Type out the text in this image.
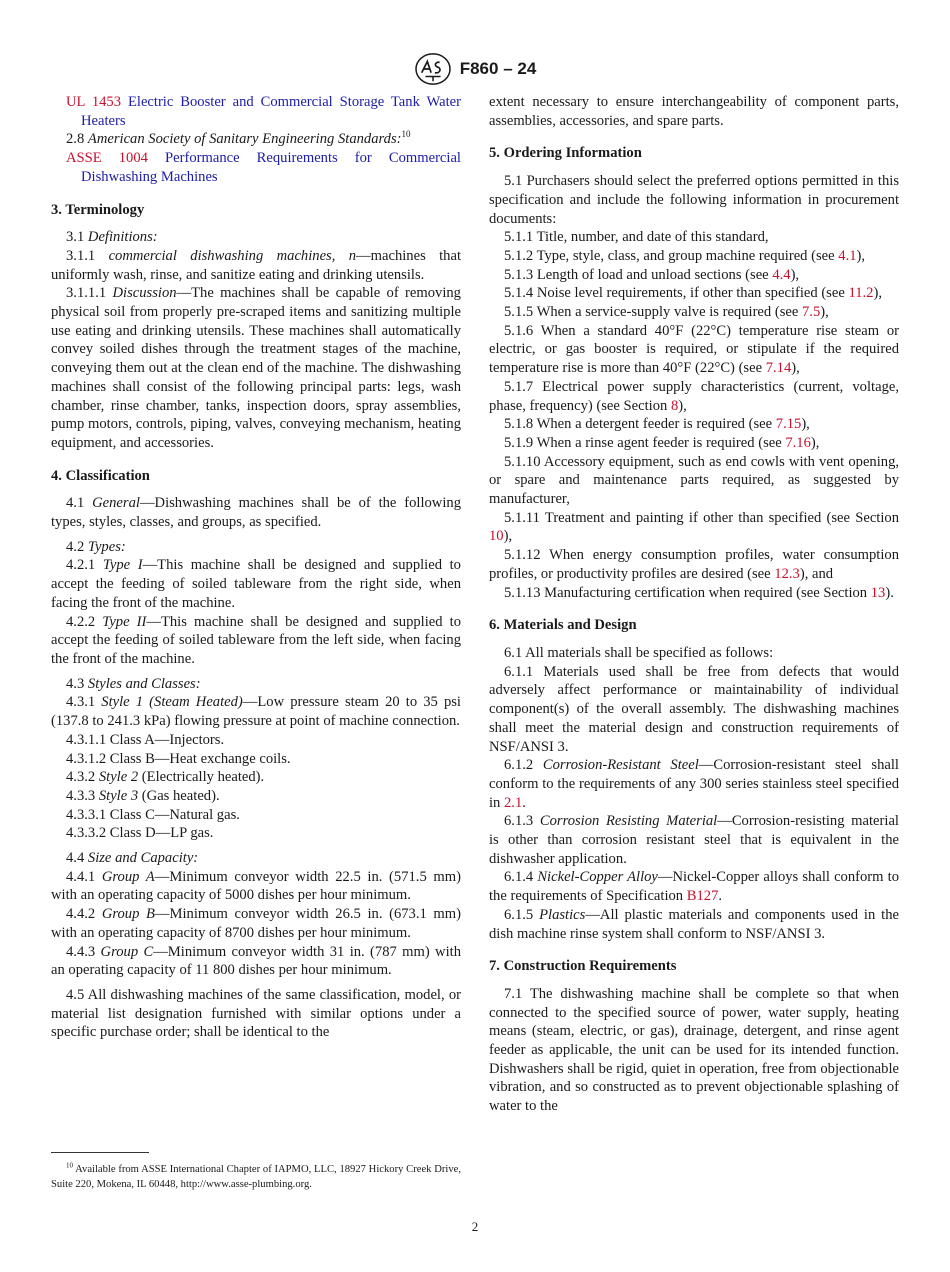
F860 – 24

UL 1453 Electric Booster and Commercial Storage Tank Water Heaters

2.8 American Society of Sanitary Engineering Standards:$^{10}$

ASSE 1004 Performance Requirements for Commercial Dishwashing Machines

3. Terminology

3.1 Definitions:

3.1.1 commercial dishwashing machines, n—machines that uniformly wash, rinse, and sanitize eating and drinking utensils.

3.1.1.1 Discussion—The machines shall be capable of removing physical soil from properly pre-scraped items and sanitizing multiple use eating and drinking utensils. These machines shall automatically convey soiled dishes through the treatment stages of the machine, conveying them out at the clean end of the machine. The dishwashing machines shall consist of the following principal parts: legs, wash chamber, rinse chamber, tanks, inspection doors, spray assemblies, pump motors, controls, piping, valves, conveying mechanism, heating equipment, and accessories.

4. Classification

4.1 General—Dishwashing machines shall be of the following types, styles, classes, and groups, as specified.

4.2 Types:

4.2.1 Type I—This machine shall be designed and supplied to accept the feeding of soiled tableware from the right side, when facing the front of the machine.

4.2.2 Type II—This machine shall be designed and supplied to accept the feeding of soiled tableware from the left side, when facing the front of the machine.

4.3 Styles and Classes:

4.3.1 Style 1 (Steam Heated)—Low pressure steam 20 to 35 psi (137.8 to 241.3 kPa) flowing pressure at point of machine connection.

4.3.1.1 Class A—Injectors.

4.3.1.2 Class B—Heat exchange coils.

4.3.2 Style 2 (Electrically heated).

4.3.3 Style 3 (Gas heated).

4.3.3.1 Class C—Natural gas.

4.3.3.2 Class D—LP gas.

4.4 Size and Capacity:

4.4.1 Group A—Minimum conveyor width 22.5 in. (571.5 mm) with an operating capacity of 5000 dishes per hour minimum.

4.4.2 Group B—Minimum conveyor width 26.5 in. (673.1 mm) with an operating capacity of 8700 dishes per hour minimum.

4.4.3 Group C—Minimum conveyor width 31 in. (787 mm) with an operating capacity of 11 800 dishes per hour minimum.

4.5 All dishwashing machines of the same classification, model, or material list designation furnished with similar options under a specific purchase order; shall be identical to the

$^{10}$ Available from ASSE International Chapter of IAPMO, LLC, 18927 Hickory Creek Drive, Suite 220, Mokena, IL 60448, http://www.asse-plumbing.org.

extent necessary to ensure interchangeability of component parts, assemblies, accessories, and spare parts.

5. Ordering Information

5.1 Purchasers should select the preferred options permitted in this specification and include the following information in procurement documents:

5.1.1 Title, number, and date of this standard,

5.1.2 Type, style, class, and group machine required (see 4.1),

5.1.3 Length of load and unload sections (see 4.4),

5.1.4 Noise level requirements, if other than specified (see 11.2),

5.1.5 When a service-supply valve is required (see 7.5),

5.1.6 When a standard 40°F (22°C) temperature rise steam or electric, or gas booster is required, or stipulate if the required temperature rise is more than 40°F (22°C) (see 7.14),

5.1.7 Electrical power supply characteristics (current, voltage, phase, frequency) (see Section 8),

5.1.8 When a detergent feeder is required (see 7.15),

5.1.9 When a rinse agent feeder is required (see 7.16),

5.1.10 Accessory equipment, such as end cowls with vent opening, or spare and maintenance parts required, as suggested by manufacturer,

5.1.11 Treatment and painting if other than specified (see Section 10),

5.1.12 When energy consumption profiles, water consumption profiles, or productivity profiles are desired (see 12.3), and

5.1.13 Manufacturing certification when required (see Section 13).

6. Materials and Design

6.1 All materials shall be specified as follows:

6.1.1 Materials used shall be free from defects that would adversely affect performance or maintainability of individual component(s) of the overall assembly. The dishwashing machines shall meet the material design and construction requirements of NSF/ANSI 3.

6.1.2 Corrosion-Resistant Steel—Corrosion-resistant steel shall conform to the requirements of any 300 series stainless steel specified in 2.1.

6.1.3 Corrosion Resisting Material—Corrosion-resisting material is other than corrosion resistant steel that is equivalent in the dishwasher application.

6.1.4 Nickel-Copper Alloy—Nickel-Copper alloys shall conform to the requirements of Specification B127.

6.1.5 Plastics—All plastic materials and components used in the dish machine rinse system shall conform to NSF/ANSI 3.

7. Construction Requirements

7.1 The dishwashing machine shall be complete so that when connected to the specified source of power, water supply, heating means (steam, electric, or gas), drainage, detergent, and rinse agent feeder as applicable, the unit can be used for its intended function. Dishwashers shall be rigid, quiet in operation, free from objectionable vibration, and so constructed as to prevent objectionable splashing of water to the

2
